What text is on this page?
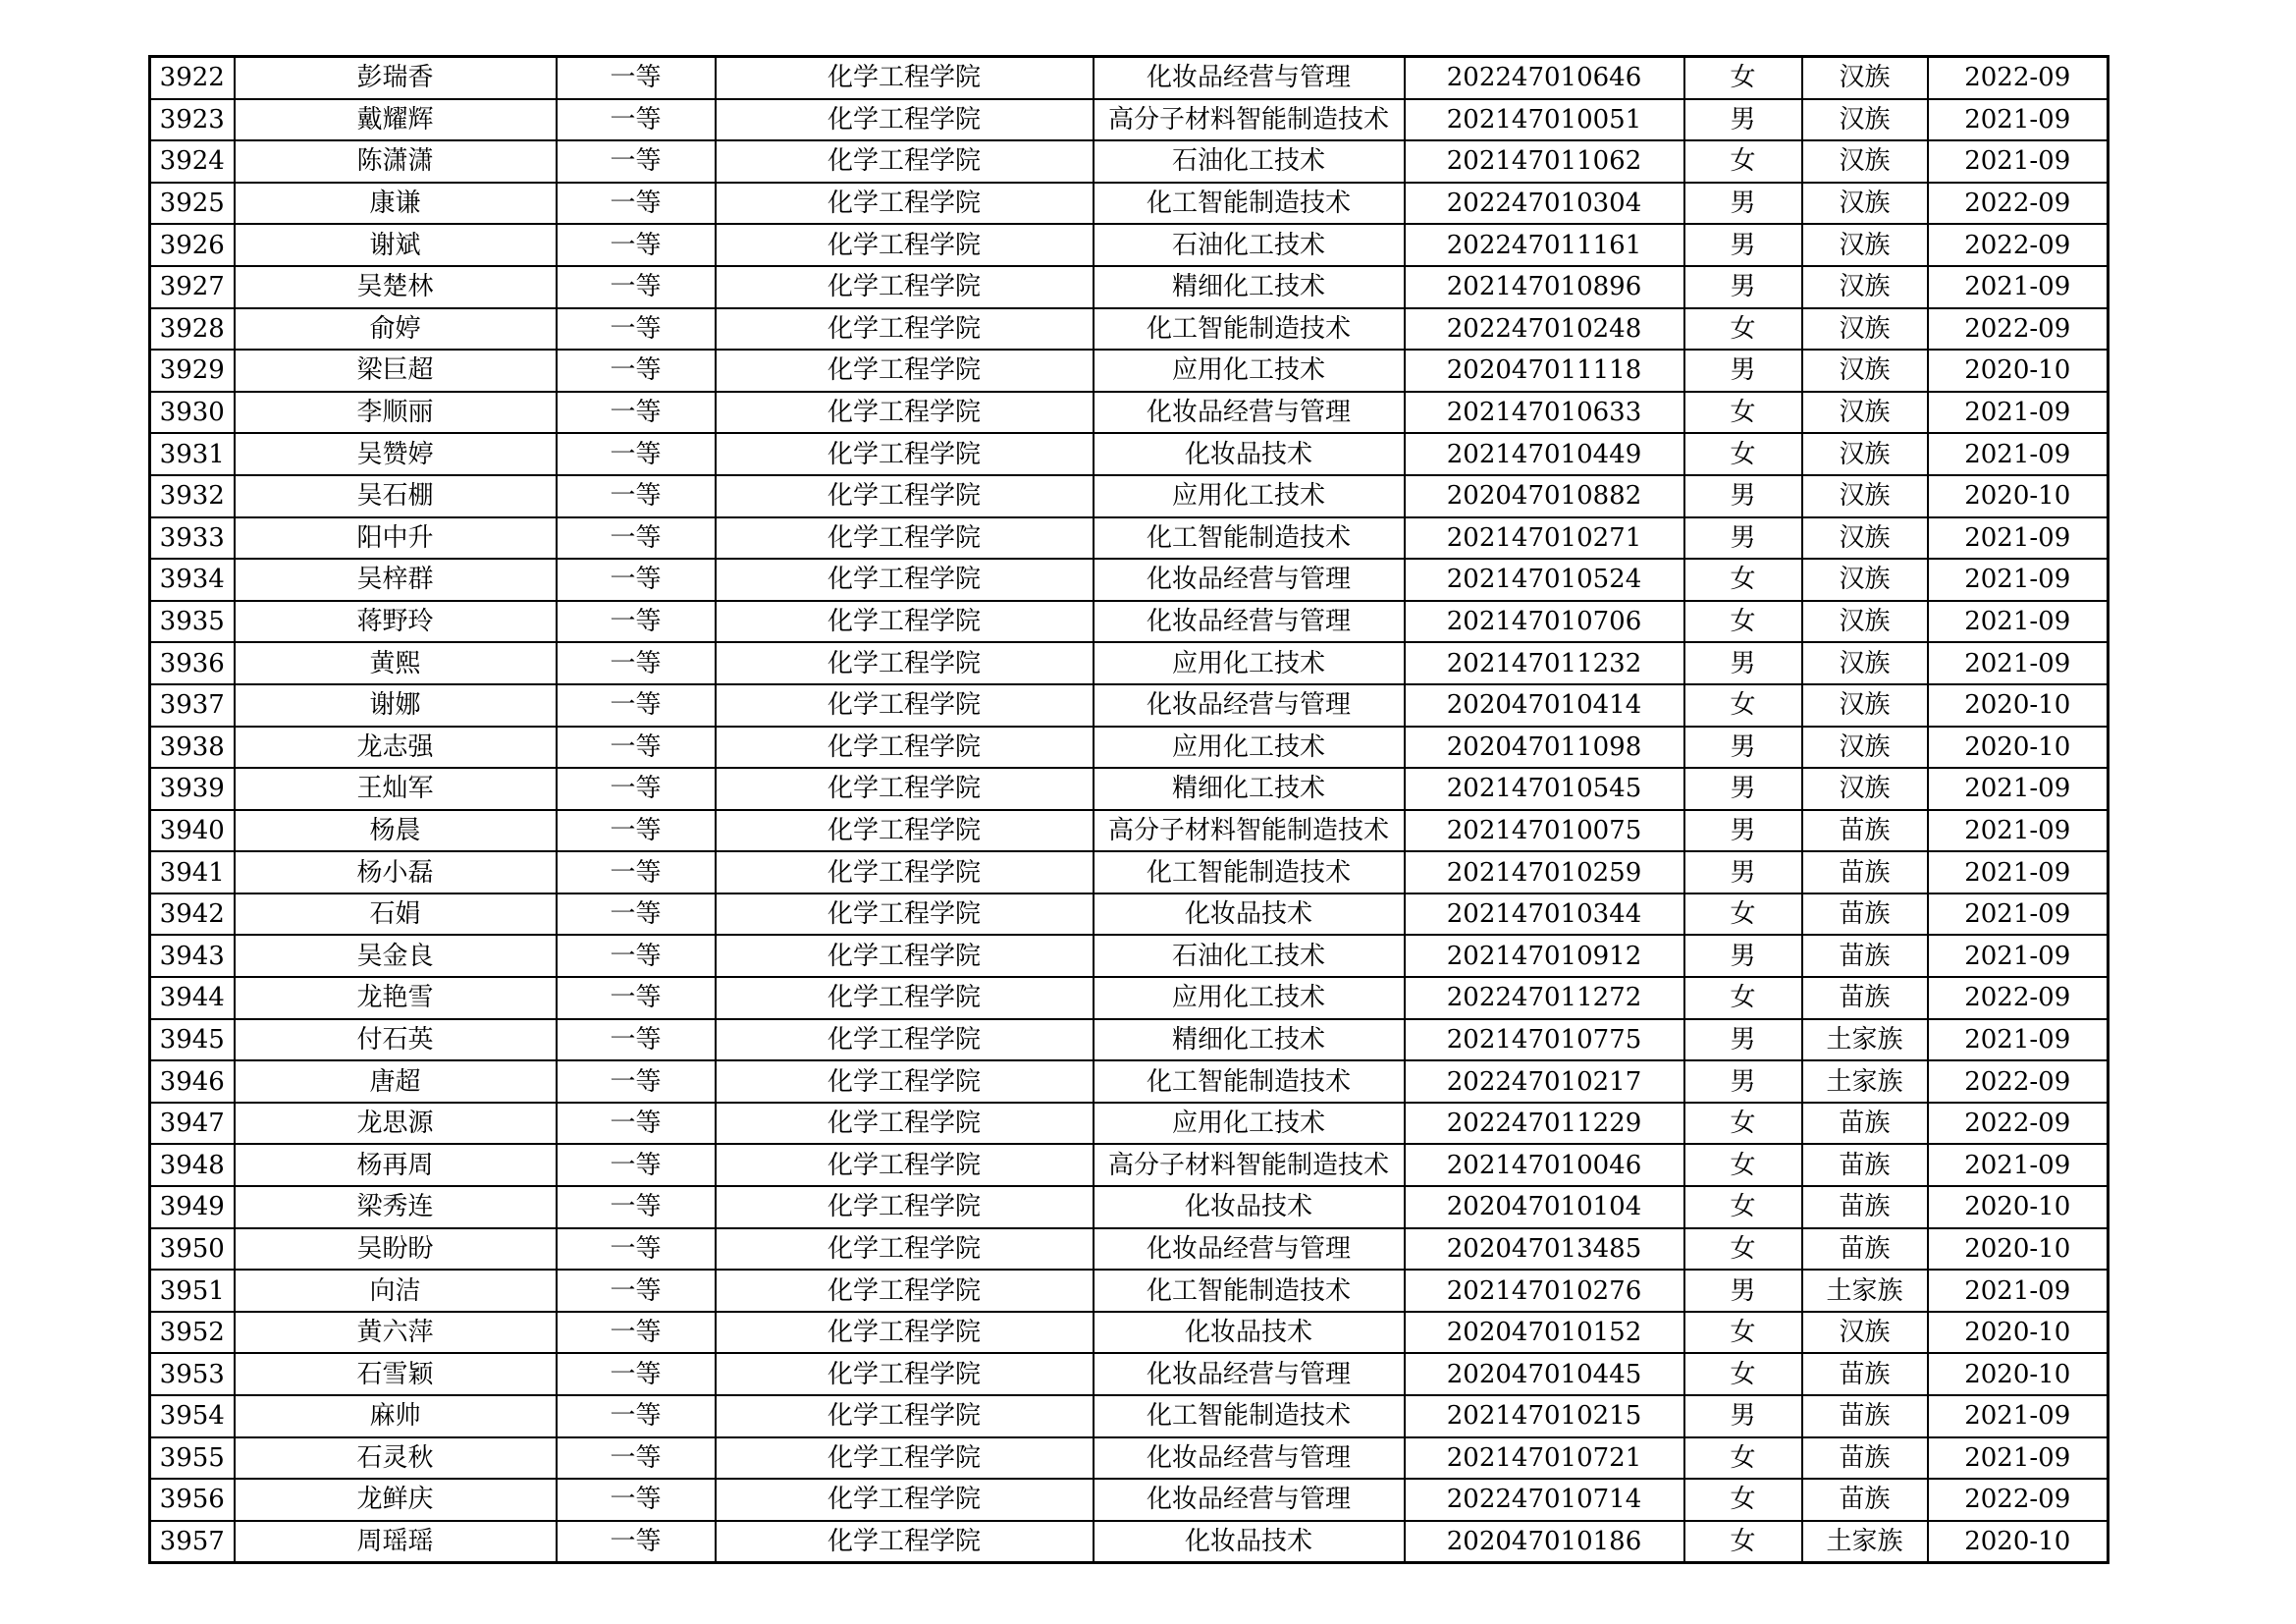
3922	彭瑞香	一等	化学工程学院	化妆品经营与管理	202247010646	女	汉族	2022-09
3923	戴耀辉	一等	化学工程学院	高分子材料智能制造技术	202147010051	男	汉族	2021-09
3924	陈潇潇	一等	化学工程学院	石油化工技术	202147011062	女	汉族	2021-09
3925	康谦	一等	化学工程学院	化工智能制造技术	202247010304	男	汉族	2022-09
3926	谢斌	一等	化学工程学院	石油化工技术	202247011161	男	汉族	2022-09
3927	吴楚林	一等	化学工程学院	精细化工技术	202147010896	男	汉族	2021-09
3928	俞婷	一等	化学工程学院	化工智能制造技术	202247010248	女	汉族	2022-09
3929	梁巨超	一等	化学工程学院	应用化工技术	202047011118	男	汉族	2020-10
3930	李顺丽	一等	化学工程学院	化妆品经营与管理	202147010633	女	汉族	2021-09
3931	吴赞婷	一等	化学工程学院	化妆品技术	202147010449	女	汉族	2021-09
3932	吴石棚	一等	化学工程学院	应用化工技术	202047010882	男	汉族	2020-10
3933	阳中升	一等	化学工程学院	化工智能制造技术	202147010271	男	汉族	2021-09
3934	吴梓群	一等	化学工程学院	化妆品经营与管理	202147010524	女	汉族	2021-09
3935	蒋野玲	一等	化学工程学院	化妆品经营与管理	202147010706	女	汉族	2021-09
3936	黄熙	一等	化学工程学院	应用化工技术	202147011232	男	汉族	2021-09
3937	谢娜	一等	化学工程学院	化妆品经营与管理	202047010414	女	汉族	2020-10
3938	龙志强	一等	化学工程学院	应用化工技术	202047011098	男	汉族	2020-10
3939	王灿军	一等	化学工程学院	精细化工技术	202147010545	男	汉族	2021-09
3940	杨晨	一等	化学工程学院	高分子材料智能制造技术	202147010075	男	苗族	2021-09
3941	杨小磊	一等	化学工程学院	化工智能制造技术	202147010259	男	苗族	2021-09
3942	石娟	一等	化学工程学院	化妆品技术	202147010344	女	苗族	2021-09
3943	吴金良	一等	化学工程学院	石油化工技术	202147010912	男	苗族	2021-09
3944	龙艳雪	一等	化学工程学院	应用化工技术	202247011272	女	苗族	2022-09
3945	付石英	一等	化学工程学院	精细化工技术	202147010775	男	土家族	2021-09
3946	唐超	一等	化学工程学院	化工智能制造技术	202247010217	男	土家族	2022-09
3947	龙思源	一等	化学工程学院	应用化工技术	202247011229	女	苗族	2022-09
3948	杨再周	一等	化学工程学院	高分子材料智能制造技术	202147010046	女	苗族	2021-09
3949	梁秀连	一等	化学工程学院	化妆品技术	202047010104	女	苗族	2020-10
3950	吴盼盼	一等	化学工程学院	化妆品经营与管理	202047013485	女	苗族	2020-10
3951	向洁	一等	化学工程学院	化工智能制造技术	202147010276	男	土家族	2021-09
3952	黄六萍	一等	化学工程学院	化妆品技术	202047010152	女	汉族	2020-10
3953	石雪颖	一等	化学工程学院	化妆品经营与管理	202047010445	女	苗族	2020-10
3954	麻帅	一等	化学工程学院	化工智能制造技术	202147010215	男	苗族	2021-09
3955	石灵秋	一等	化学工程学院	化妆品经营与管理	202147010721	女	苗族	2021-09
3956	龙鲜庆	一等	化学工程学院	化妆品经营与管理	202247010714	女	苗族	2022-09
3957	周瑶瑶	一等	化学工程学院	化妆品技术	202047010186	女	土家族	2020-10
